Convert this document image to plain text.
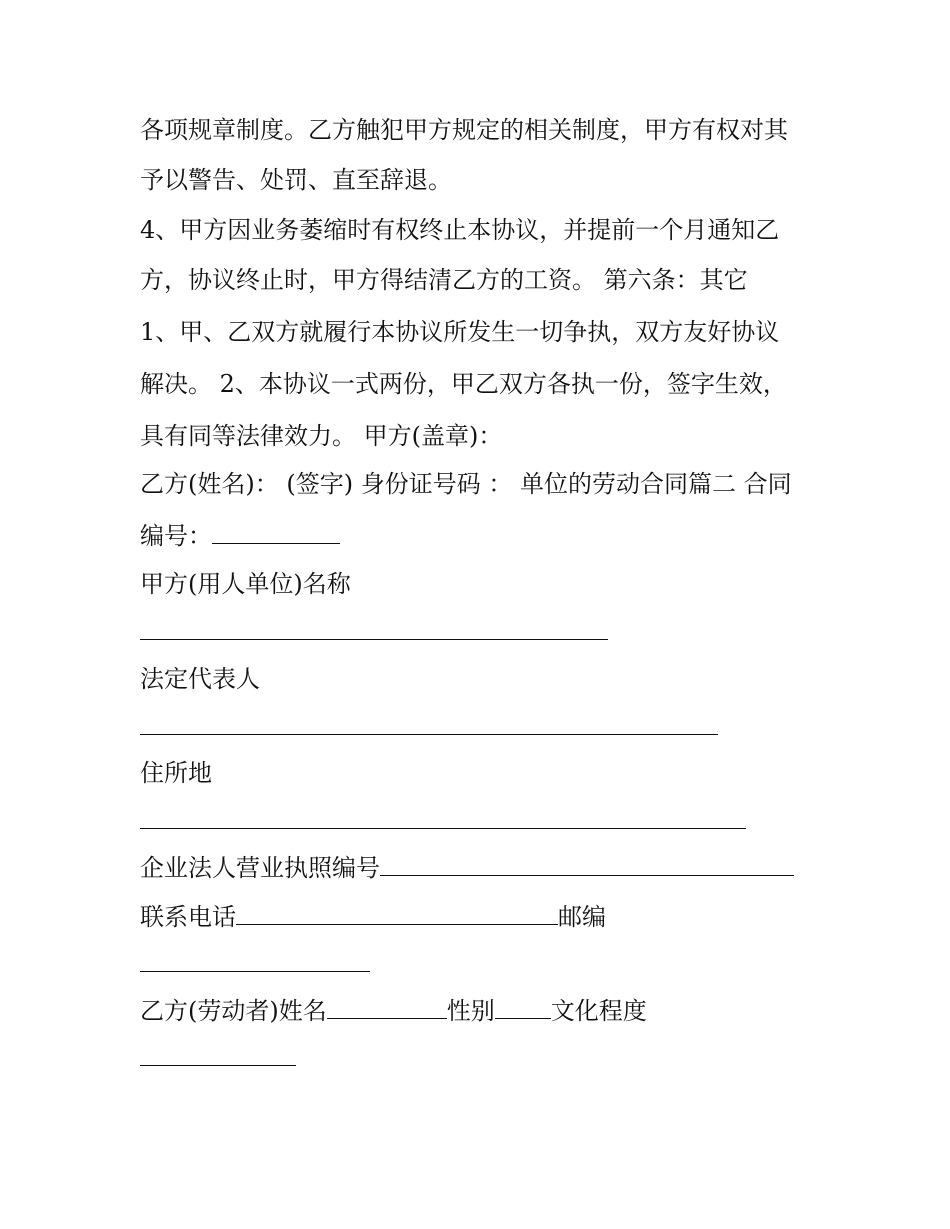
各项规章制度。乙方触犯甲方规定的相关制度，甲方有权对其
予以警告、处罚、直至辞退。
4、甲方因业务萎缩时有权终止本协议，并提前一个月通知乙
方，协议终止时，甲方得结清乙方的工资。 第六条：其它
1、甲、乙双方就履行本协议所发生一切争执，双方友好协议
解决。 2、本协议一式两份，甲乙双方各执一份，签字生效，
具有同等法律效力。 甲方(盖章)：
乙方(姓名)： (签字) 身份证号码 ： 单位的劳动合同篇二 合同
编号：
甲方(用人单位)名称
法定代表人
住所地
企业法人营业执照编号
联系电话	邮编
乙方(劳动者)姓名	性别 文化程度
